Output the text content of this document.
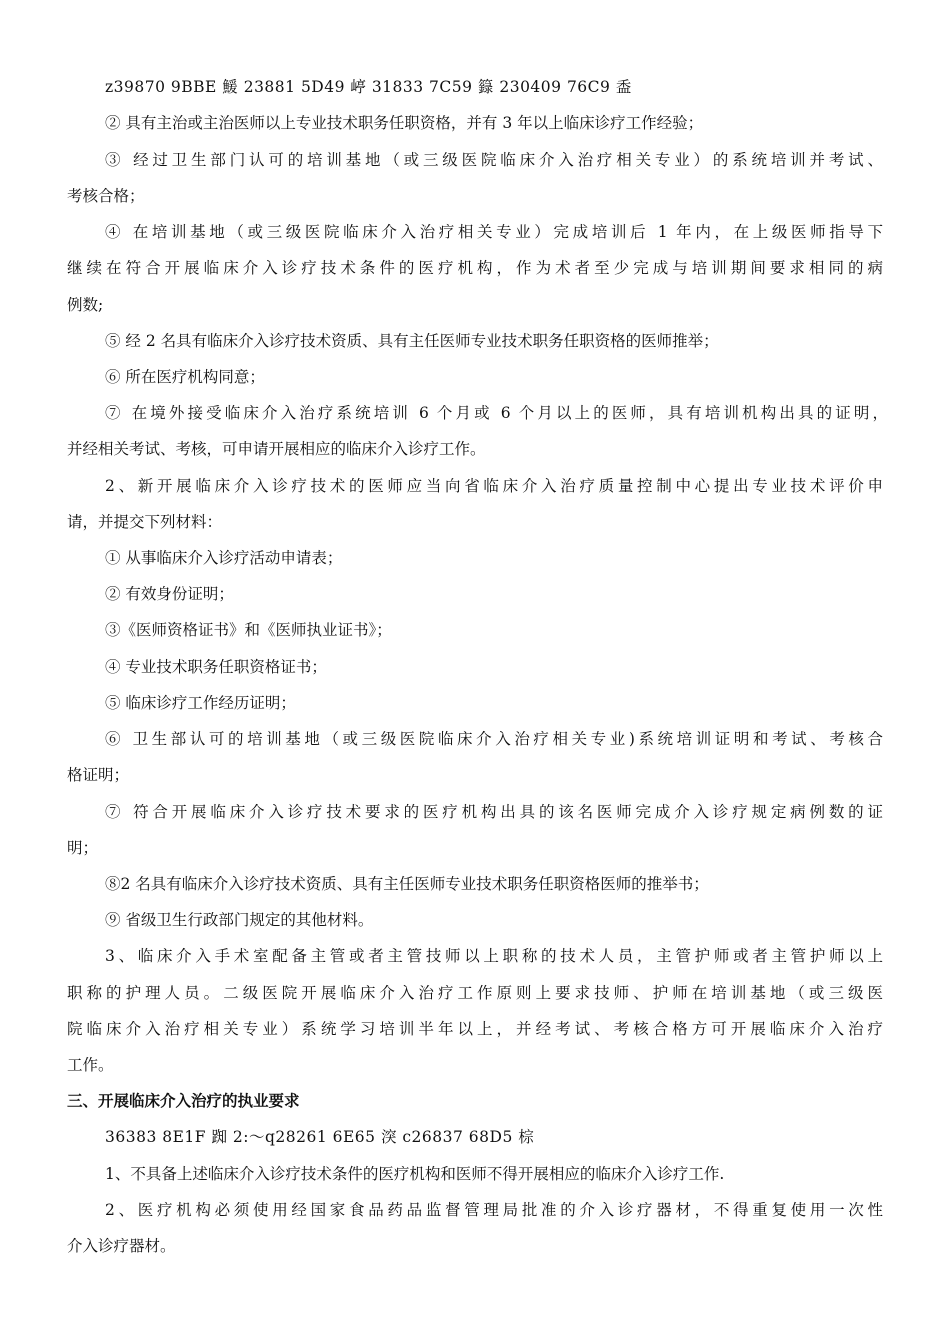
z39870 9BBE 鰀 23881 5D49 嵉 31833 7C59 籙 230409 76C9 盉
② 具有主治或主治医师以上专业技术职务任职资格，并有 3 年以上临床诊疗工作经验；
③ 经过卫生部门认可的培训基地（或三级医院临床介入治疗相关专业）的系统培训并考试、
考核合格；
④ 在培训基地（或三级医院临床介入治疗相关专业）完成培训后 1 年内，在上级医师指导下
继续在符合开展临床介入诊疗技术条件的医疗机构，作为术者至少完成与培训期间要求相同的病
例数;
⑤ 经 2 名具有临床介入诊疗技术资质、具有主任医师专业技术职务任职资格的医师推举；
⑥ 所在医疗机构同意；
⑦ 在境外接受临床介入治疗系统培训 6 个月或 6 个月以上的医师，具有培训机构出具的证明，
并经相关考试、考核，可申请开展相应的临床介入诊疗工作。
2、新开展临床介入诊疗技术的医师应当向省临床介入治疗质量控制中心提出专业技术评价申
请，并提交下列材料：
① 从事临床介入诊疗活动申请表；
② 有效身份证明；
③《医师资格证书》和《医师执业证书》；
④ 专业技术职务任职资格证书；
⑤ 临床诊疗工作经历证明；
⑥ 卫生部认可的培训基地（或三级医院临床介入治疗相关专业)系统培训证明和考试、考核合
格证明；
⑦ 符合开展临床介入诊疗技术要求的医疗机构出具的该名医师完成介入诊疗规定病例数的证
明；
⑧2 名具有临床介入诊疗技术资质、具有主任医师专业技术职务任职资格医师的推举书；
⑨ 省级卫生行政部门规定的其他材料。
3、临床介入手术室配备主管或者主管技师以上职称的技术人员，主管护师或者主管护师以上
职称的护理人员。二级医院开展临床介入治疗工作原则上要求技师、护师在培训基地（或三级医
院临床介入治疗相关专业）系统学习培训半年以上，并经考试、考核合格方可开展临床介入治疗
工作。
三、开展临床介入治疗的执业要求
36383 8E1F 踟 2:～q28261 6E65 湥 c26837 68D5 棕
1、不具备上述临床介入诊疗技术条件的医疗机构和医师不得开展相应的临床介入诊疗工作.
2、医疗机构必须使用经国家食品药品监督管理局批准的介入诊疗器材，不得重复使用一次性
介入诊疗器材。
